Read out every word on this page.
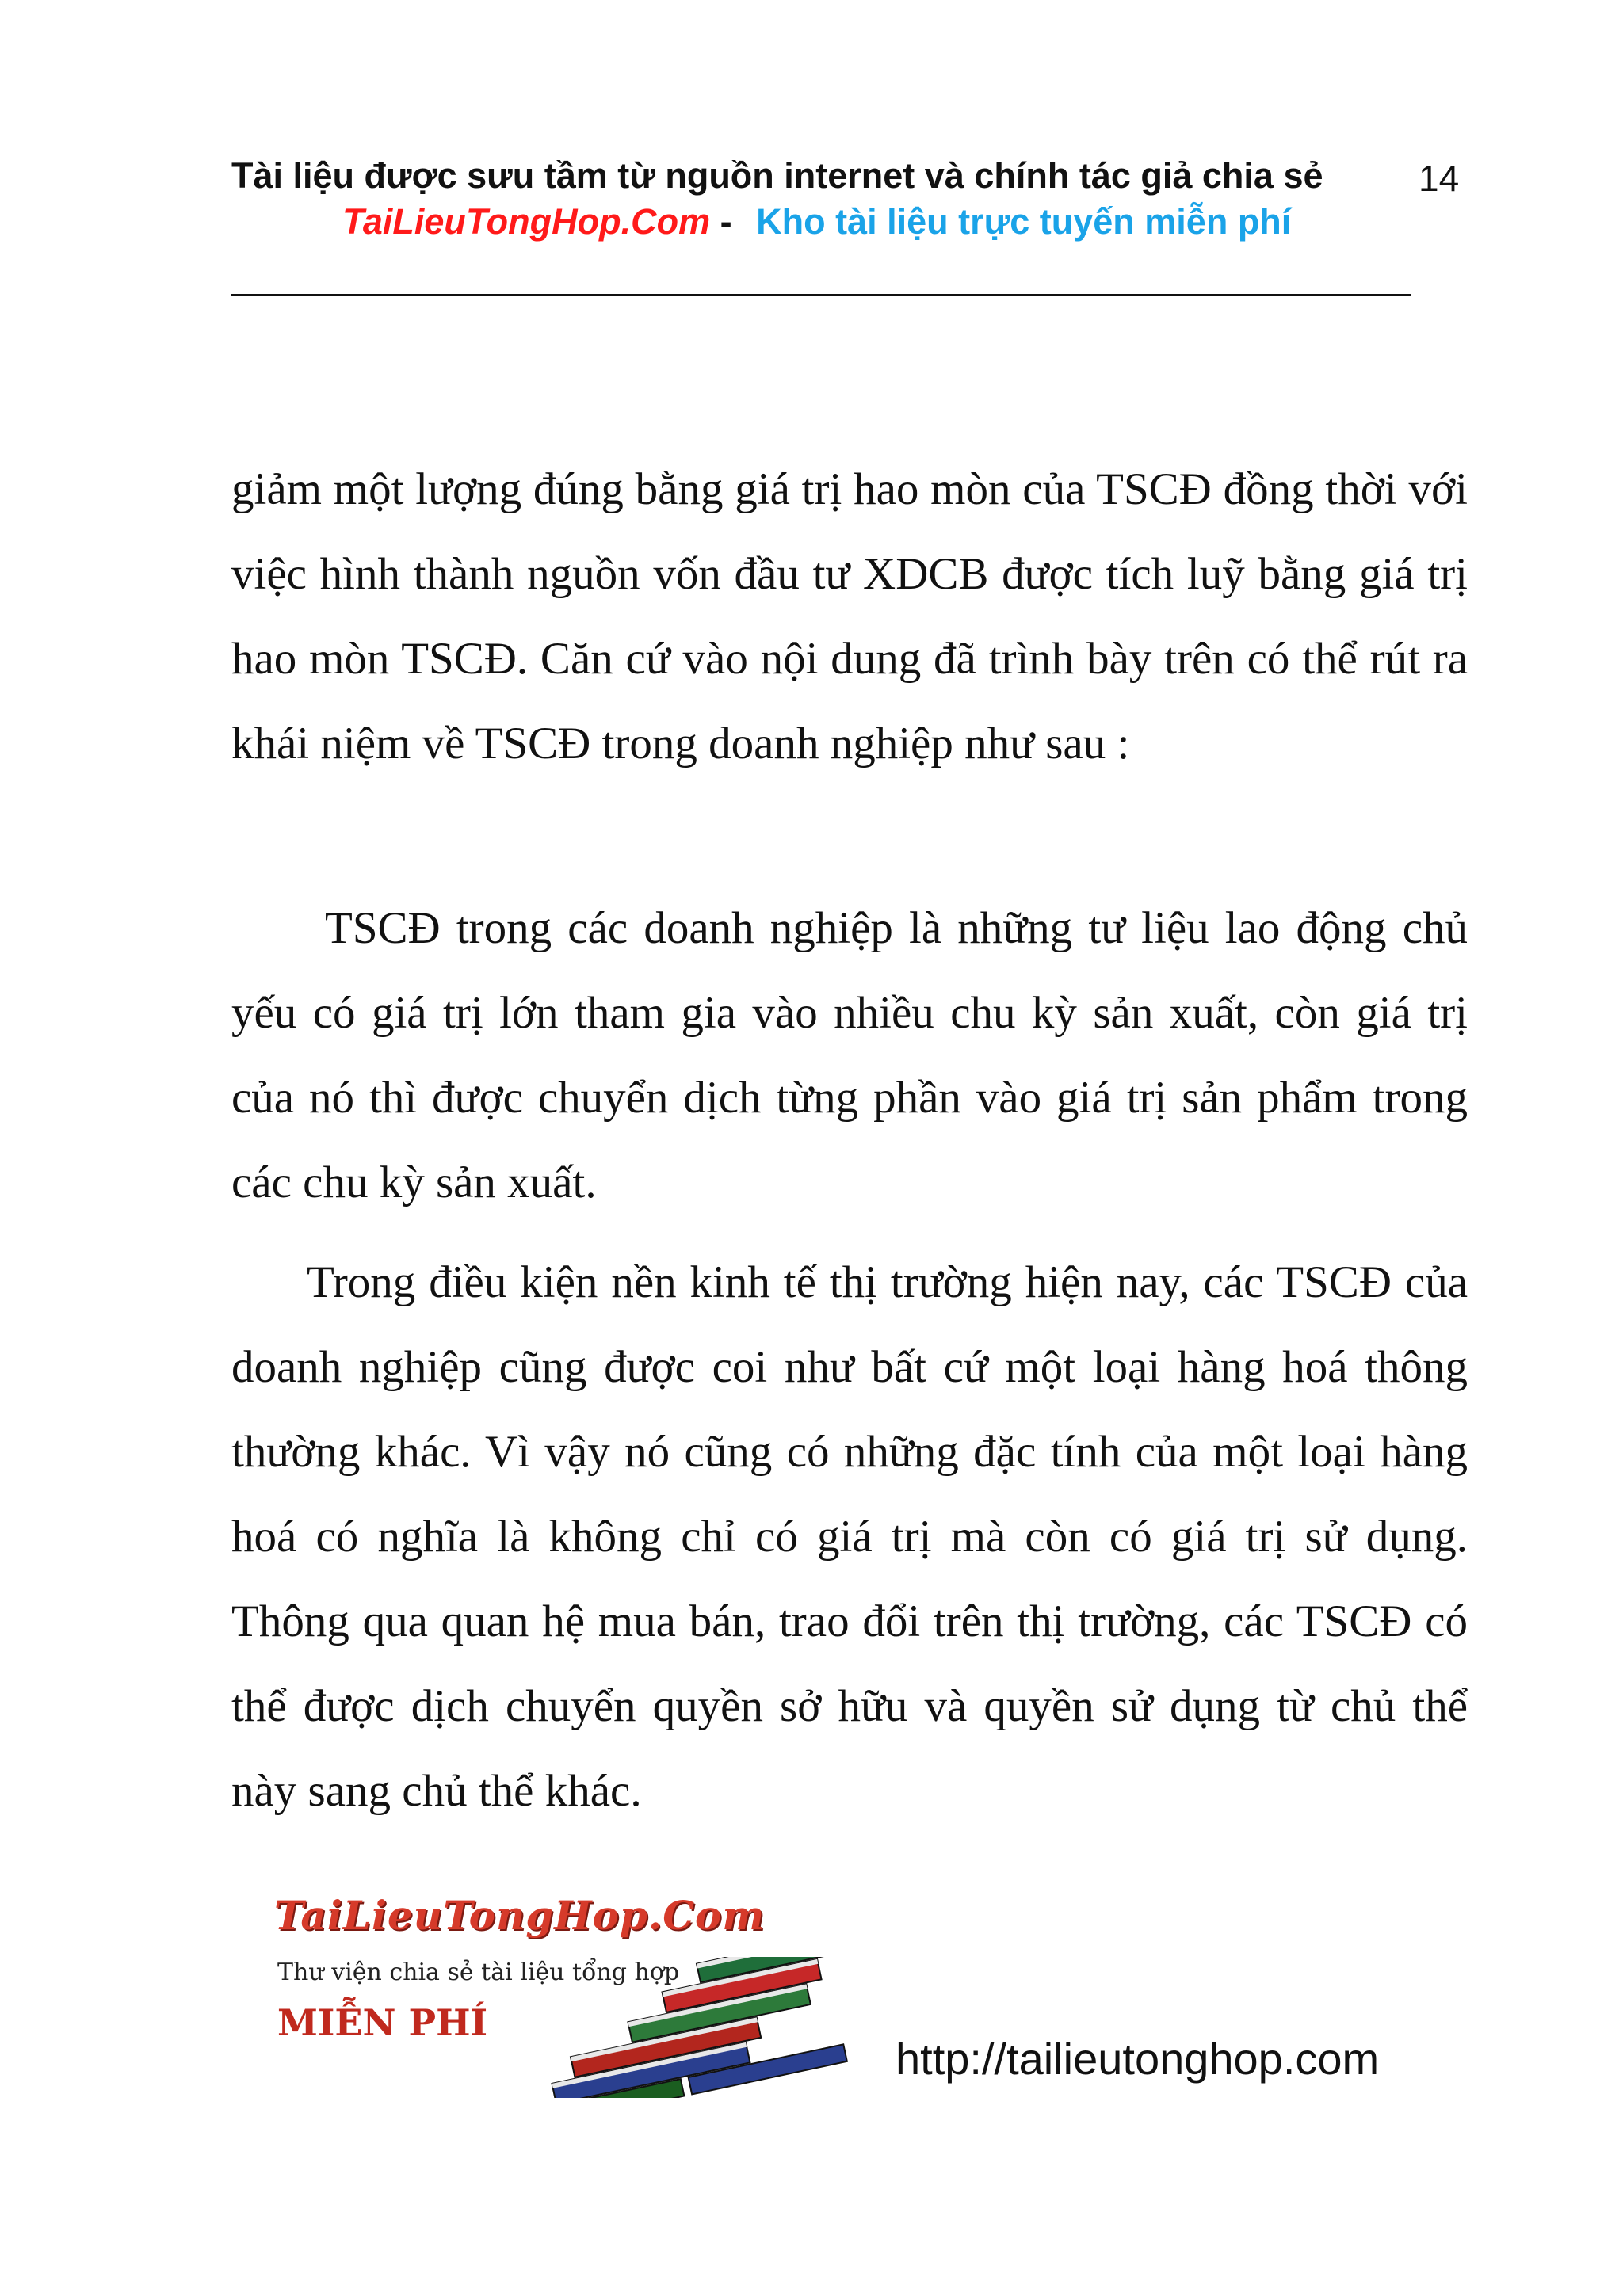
Tài liệu được sưu tầm từ nguồn internet và chính tác giả chia sẻ	14
TaiLieuTongHop.Com - Kho tài liệu trực tuyến miễn phí

giảm một lượng đúng bằng giá trị hao mòn của TSCĐ đồng thời với việc hình thành nguồn vốn đầu tư XDCB được tích luỹ bằng giá trị hao mòn TSCĐ. Căn cứ vào nội dung đã trình bày trên có thể rút ra khái niệm về TSCĐ trong doanh nghiệp như sau :

TSCĐ trong các doanh nghiệp là những tư liệu lao động chủ yếu có giá trị lớn tham gia vào nhiều chu kỳ sản xuất, còn giá trị của nó thì được chuyển dịch từng phần vào giá trị sản phẩm trong các chu kỳ sản xuất.

Trong điều kiện nền kinh tế thị trường hiện nay, các TSCĐ của doanh nghiệp cũng được coi như bất cứ một loại hàng hoá thông thường khác. Vì vậy nó cũng có những đặc tính của một loại hàng hoá có nghĩa là không chỉ có giá trị mà còn có giá trị sử dụng. Thông qua quan hệ mua bán, trao đổi trên thị trường, các TSCĐ có thể được dịch chuyển quyền sở hữu và quyền sử dụng từ chủ thể này sang chủ thể khác.

TaiLieuTongHop.Com
Thư viện chia sẻ tài liệu tổng hợp
MIỄN PHÍ
http://tailieutonghop.com
